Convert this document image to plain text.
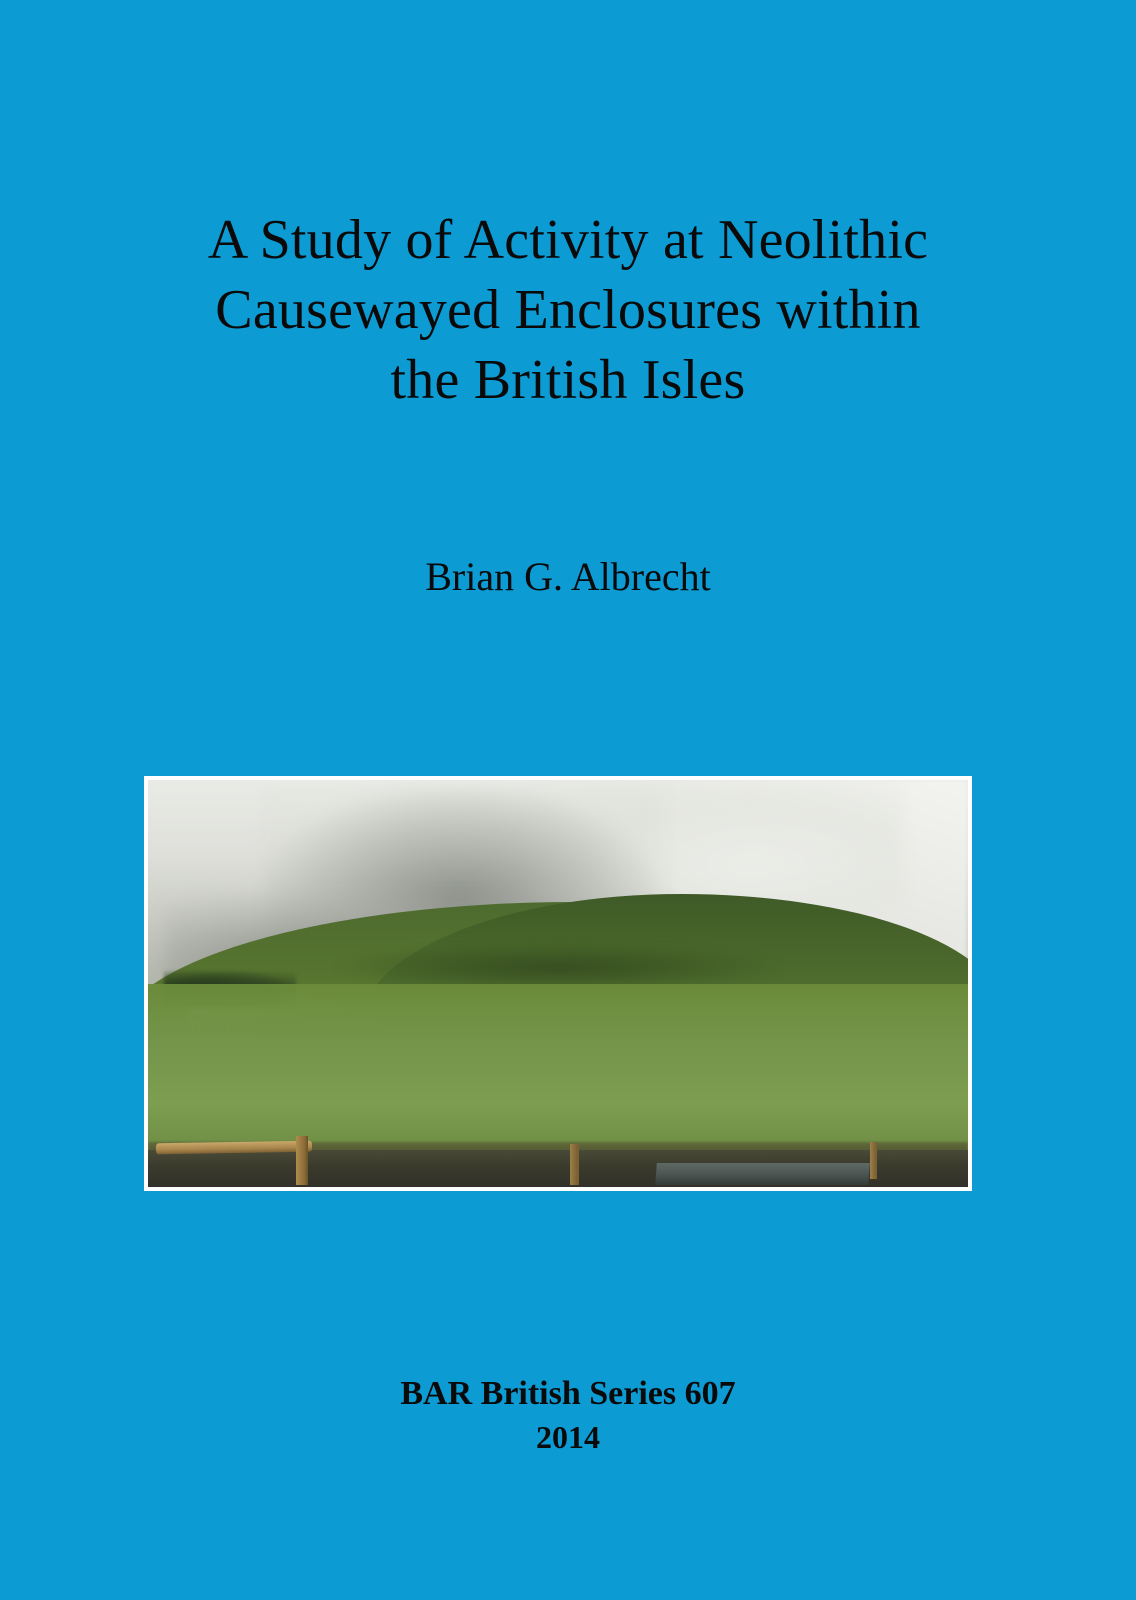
A Study of Activity at Neolithic
Causewayed Enclosures within
the British Isles
Brian G. Albrecht
BAR British Series 607
2014
